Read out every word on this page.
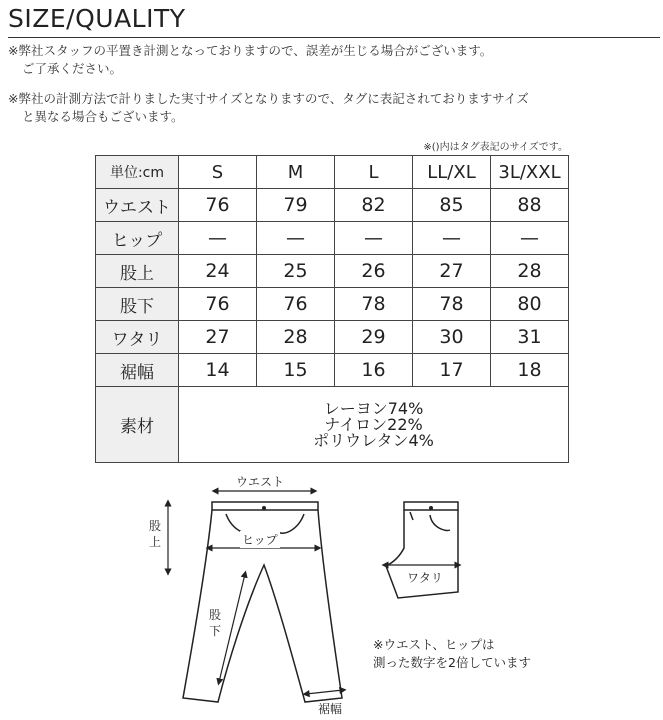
SIZE/QUALITY
※弊社スタッフの平置き計測となっておりますので、誤差が生じる場合がございます。
ご了承ください。
※弊社の計測方法で計りました実寸サイズとなりますので、タグに表記されておりますサイズ
と異なる場合もございます。
※()内はタグ表記のサイズです。
単位:cm	S	M	L	LL/XL	3L/XXL
ウエスト	76	79	82	85	88
ヒップ	—	—	—	—	—
股上	24	25	26	27	28
股下	76	76	78	78	80
ワタリ	27	28	29	30	31
裾幅	14	15	16	17	18
素材	レーヨン74%
ナイロン22%
ポリウレタン4%				
ウエスト
股
上	ヒップ
股
下
裾幅
ワタリ
※ウエスト、ヒップは
測った数字を2倍しています
